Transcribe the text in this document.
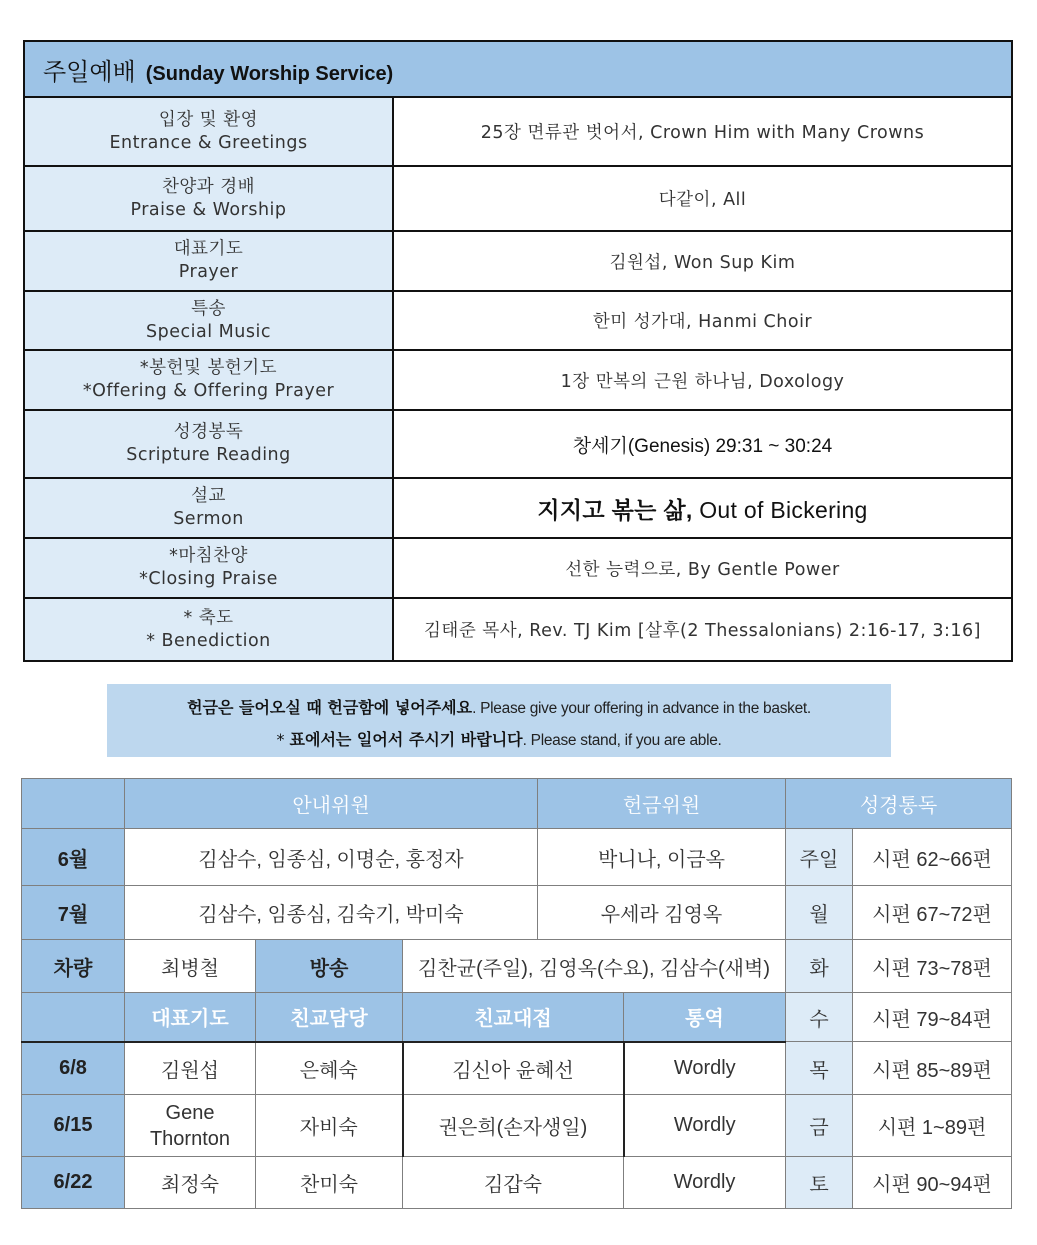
주일예배 (Sunday Worship Service)	

입장 및 환영
Entrance & Greetings	25장 면류관 벗어서, Crown Him with Many Crowns

찬양과 경배
Praise & Worship	다같이, All

대표기도
Prayer	김원섭, Won Sup Kim

특송
Special Music	한미 성가대, Hanmi Choir

*봉헌및 봉헌기도
*Offering & Offering Prayer	1장 만복의 근원 하나님, Doxology

성경봉독
Scripture Reading	창세기(Genesis) 29:31 ~ 30:24

설교
Sermon	지지고 볶는 삶, Out of Bickering

*마침찬양
*Closing Praise	선한 능력으로, By Gentle Power

* 축도
* Benediction	김태준 목사, Rev. TJ Kim [살후(2 Thessalonians) 2:16-17, 3:16]
헌금은 들어오실 때 헌금함에 넣어주세요. Please give your offering in advance in the basket.
* 표에서는 일어서 주시기 바랍니다. Please stand, if you are able.
	안내위원			헌금위원		성경통독	
6월	김삼수, 임종심, 이명순, 홍정자			박니나, 이금옥		주일	시편 62~66편
7월	김삼수, 임종심, 김숙기, 박미숙			우세라 김영옥		월	시편 67~72편
차량	최병철	방송	김찬균(주일), 김영옥(수요), 김삼수(새벽)			화	시편 73~78편
	대표기도	친교담당	친교대접		통역	수	시편 79~84편
6/8	김원섭	은혜숙	김신아 윤혜선		Wordly	목	시편 85~89편
6/15	Gene
Thornton	자비숙	권은희(손자생일)		Wordly	금	시편 1~89편
6/22	최정숙	찬미숙	김갑숙		Wordly	토	시편 90~94편
